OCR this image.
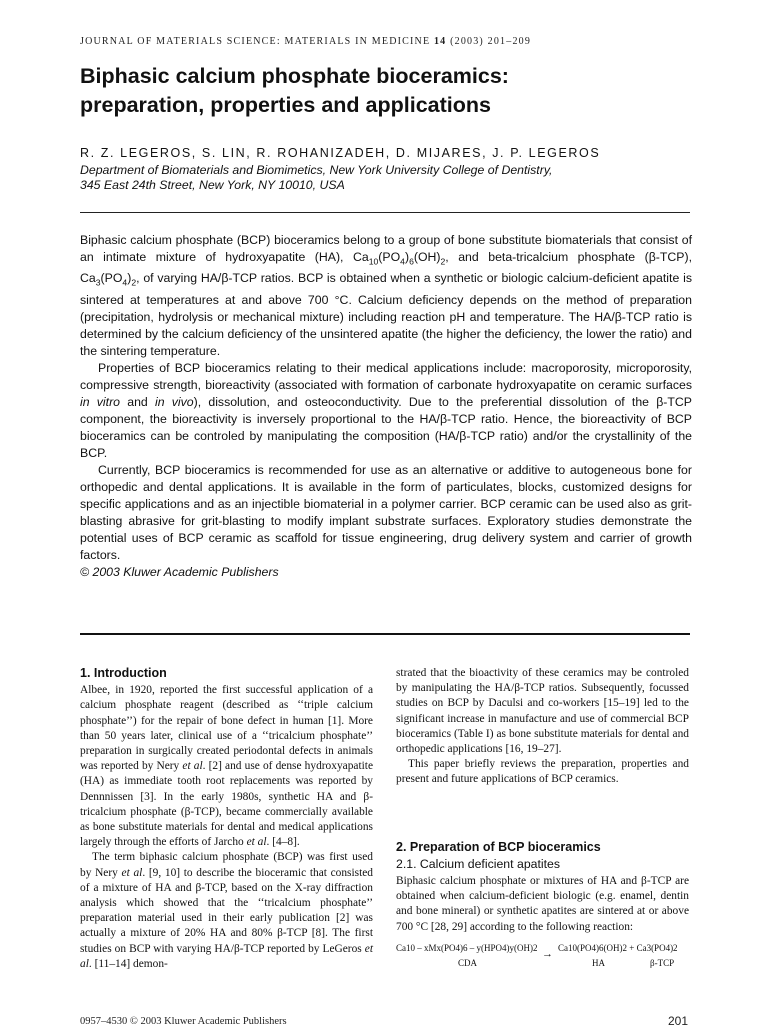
JOURNAL OF MATERIALS SCIENCE: MATERIALS IN MEDICINE 14 (2003) 201–209
Biphasic calcium phosphate bioceramics:
preparation, properties and applications
R. Z. LEGEROS, S. LIN, R. ROHANIZADEH, D. MIJARES, J. P. LEGEROS
Department of Biomaterials and Biomimetics, New York University College of Dentistry,
345 East 24th Street, New York, NY 10010, USA

Biphasic calcium phosphate (BCP) bioceramics belong to a group of bone substitute biomaterials that consist of an intimate mixture of hydroxyapatite (HA), $Ca_{10}(PO_4)_6(OH)_2$, and beta-tricalcium phosphate (β-TCP), $Ca_3(PO_4)_2$, of varying HA/β-TCP ratios. BCP is obtained when a synthetic or biologic calcium-deficient apatite is sintered at temperatures at and above 700 °C. Calcium deficiency depends on the method of preparation (precipitation, hydrolysis or mechanical mixture) including reaction pH and temperature. The HA/β-TCP ratio is determined by the calcium deficiency of the unsintered apatite (the higher the deficiency, the lower the ratio) and the sintering temperature.

Properties of BCP bioceramics relating to their medical applications include: macroporosity, microporosity, compressive strength, bioreactivity (associated with formation of carbonate hydroxyapatite on ceramic surfaces in vitro and in vivo), dissolution, and osteoconductivity. Due to the preferential dissolution of the β-TCP component, the bioreactivity is inversely proportional to the HA/β-TCP ratio. Hence, the bioreactivity of BCP bioceramics can be controled by manipulating the composition (HA/β-TCP ratio) and/or the crystallinity of the BCP.

Currently, BCP bioceramics is recommended for use as an alternative or additive to autogeneous bone for orthopedic and dental applications. It is available in the form of particulates, blocks, customized designs for specific applications and as an injectible biomaterial in a polymer carrier. BCP ceramic can be used also as grit-blasting abrasive for grit-blasting to modify implant substrate surfaces. Exploratory studies demonstrate the potential uses of BCP ceramic as scaffold for tissue engineering, drug delivery system and carrier of growth factors.

© 2003 Kluwer Academic Publishers

1. Introduction

Albee, in 1920, reported the first successful application of a calcium phosphate reagent (described as ‘‘triple calcium phosphate’’) for the repair of bone defect in human [1]. More than 50 years later, clinical use of a ‘‘tricalcium phosphate’’ preparation in surgically created periodontal defects in animals was reported by Nery et al. [2] and use of dense hydroxyapatite (HA) as immediate tooth root replacements was reported by Dennnissen [3]. In the early 1980s, synthetic HA and β-tricalcium phosphate (β-TCP), became commercially available as bone substitute materials for dental and medical applications largely through the efforts of Jarcho et al. [4–8].

The term biphasic calcium phosphate (BCP) was first used by Nery et al. [9, 10] to describe the bioceramic that consisted of a mixture of HA and β-TCP, based on the X-ray diffraction analysis which showed that the ‘‘tricalcium phosphate’’ preparation material used in their early publication [2] was actually a mixture of 20% HA and 80% β-TCP [8]. The first studies on BCP with varying HA/β-TCP reported by LeGeros et al. [11–14] demon-

strated that the bioactivity of these ceramics may be controled by manipulating the HA/β-TCP ratios. Subsequently, focussed studies on BCP by Daculsi and co-workers [15–19] led to the significant increase in manufacture and use of commercial BCP bioceramics (Table I) as bone substitute materials for dental and orthopedic applications [16, 19–27].

This paper briefly reviews the preparation, properties and present and future applications of BCP ceramics.

2. Preparation of BCP bioceramics
2.1. Calcium deficient apatites

Biphasic calcium phosphate or mixtures of HA and β-TCP are obtained when calcium-deficient biologic (e.g. enamel, dentin and bone mineral) or synthetic apatites are sintered at or above 700 °C [28, 29] according to the following reaction:

Ca10 – xMx(PO4)6 – y(HPO4)y(OH)2 → Ca10(PO4)6(OH)2 + Ca3(PO4)2
CDA	HA	β-TCP
0957–4530 © 2003 Kluwer Academic Publishers	201
